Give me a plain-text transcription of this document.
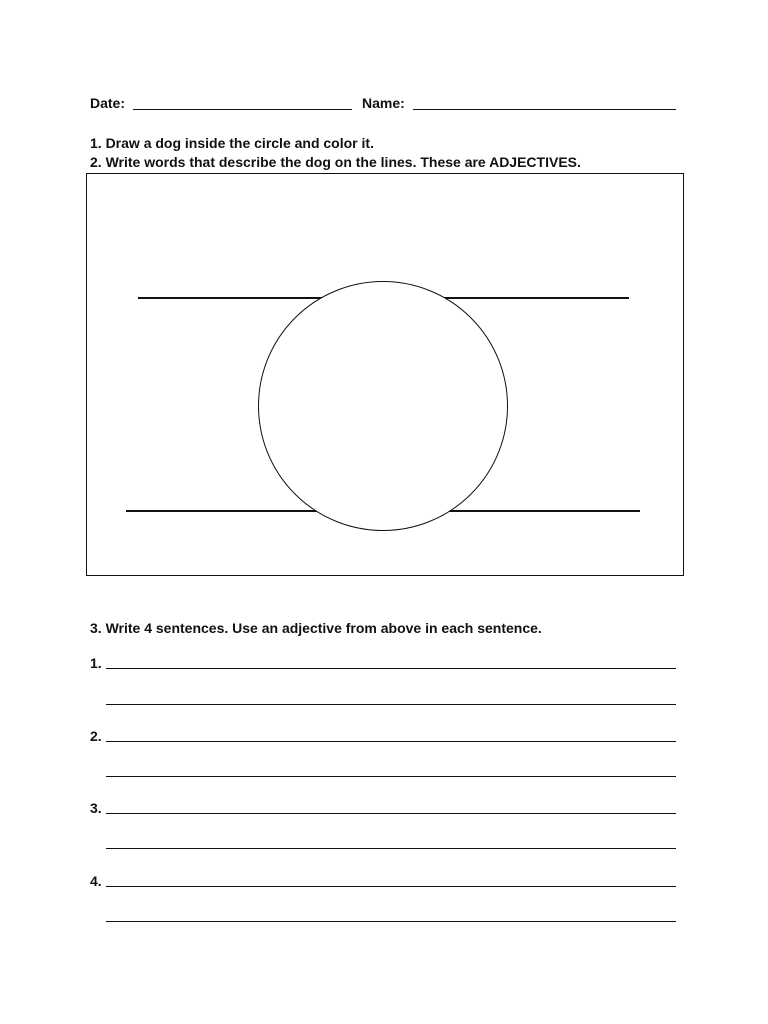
Date:	Name:
1. Draw a dog inside the circle and color it.
2. Write words that describe the dog on the lines. These are ADJECTIVES.
3. Write 4 sentences. Use an adjective from above in each sentence.
1.
2.
3.
4.
